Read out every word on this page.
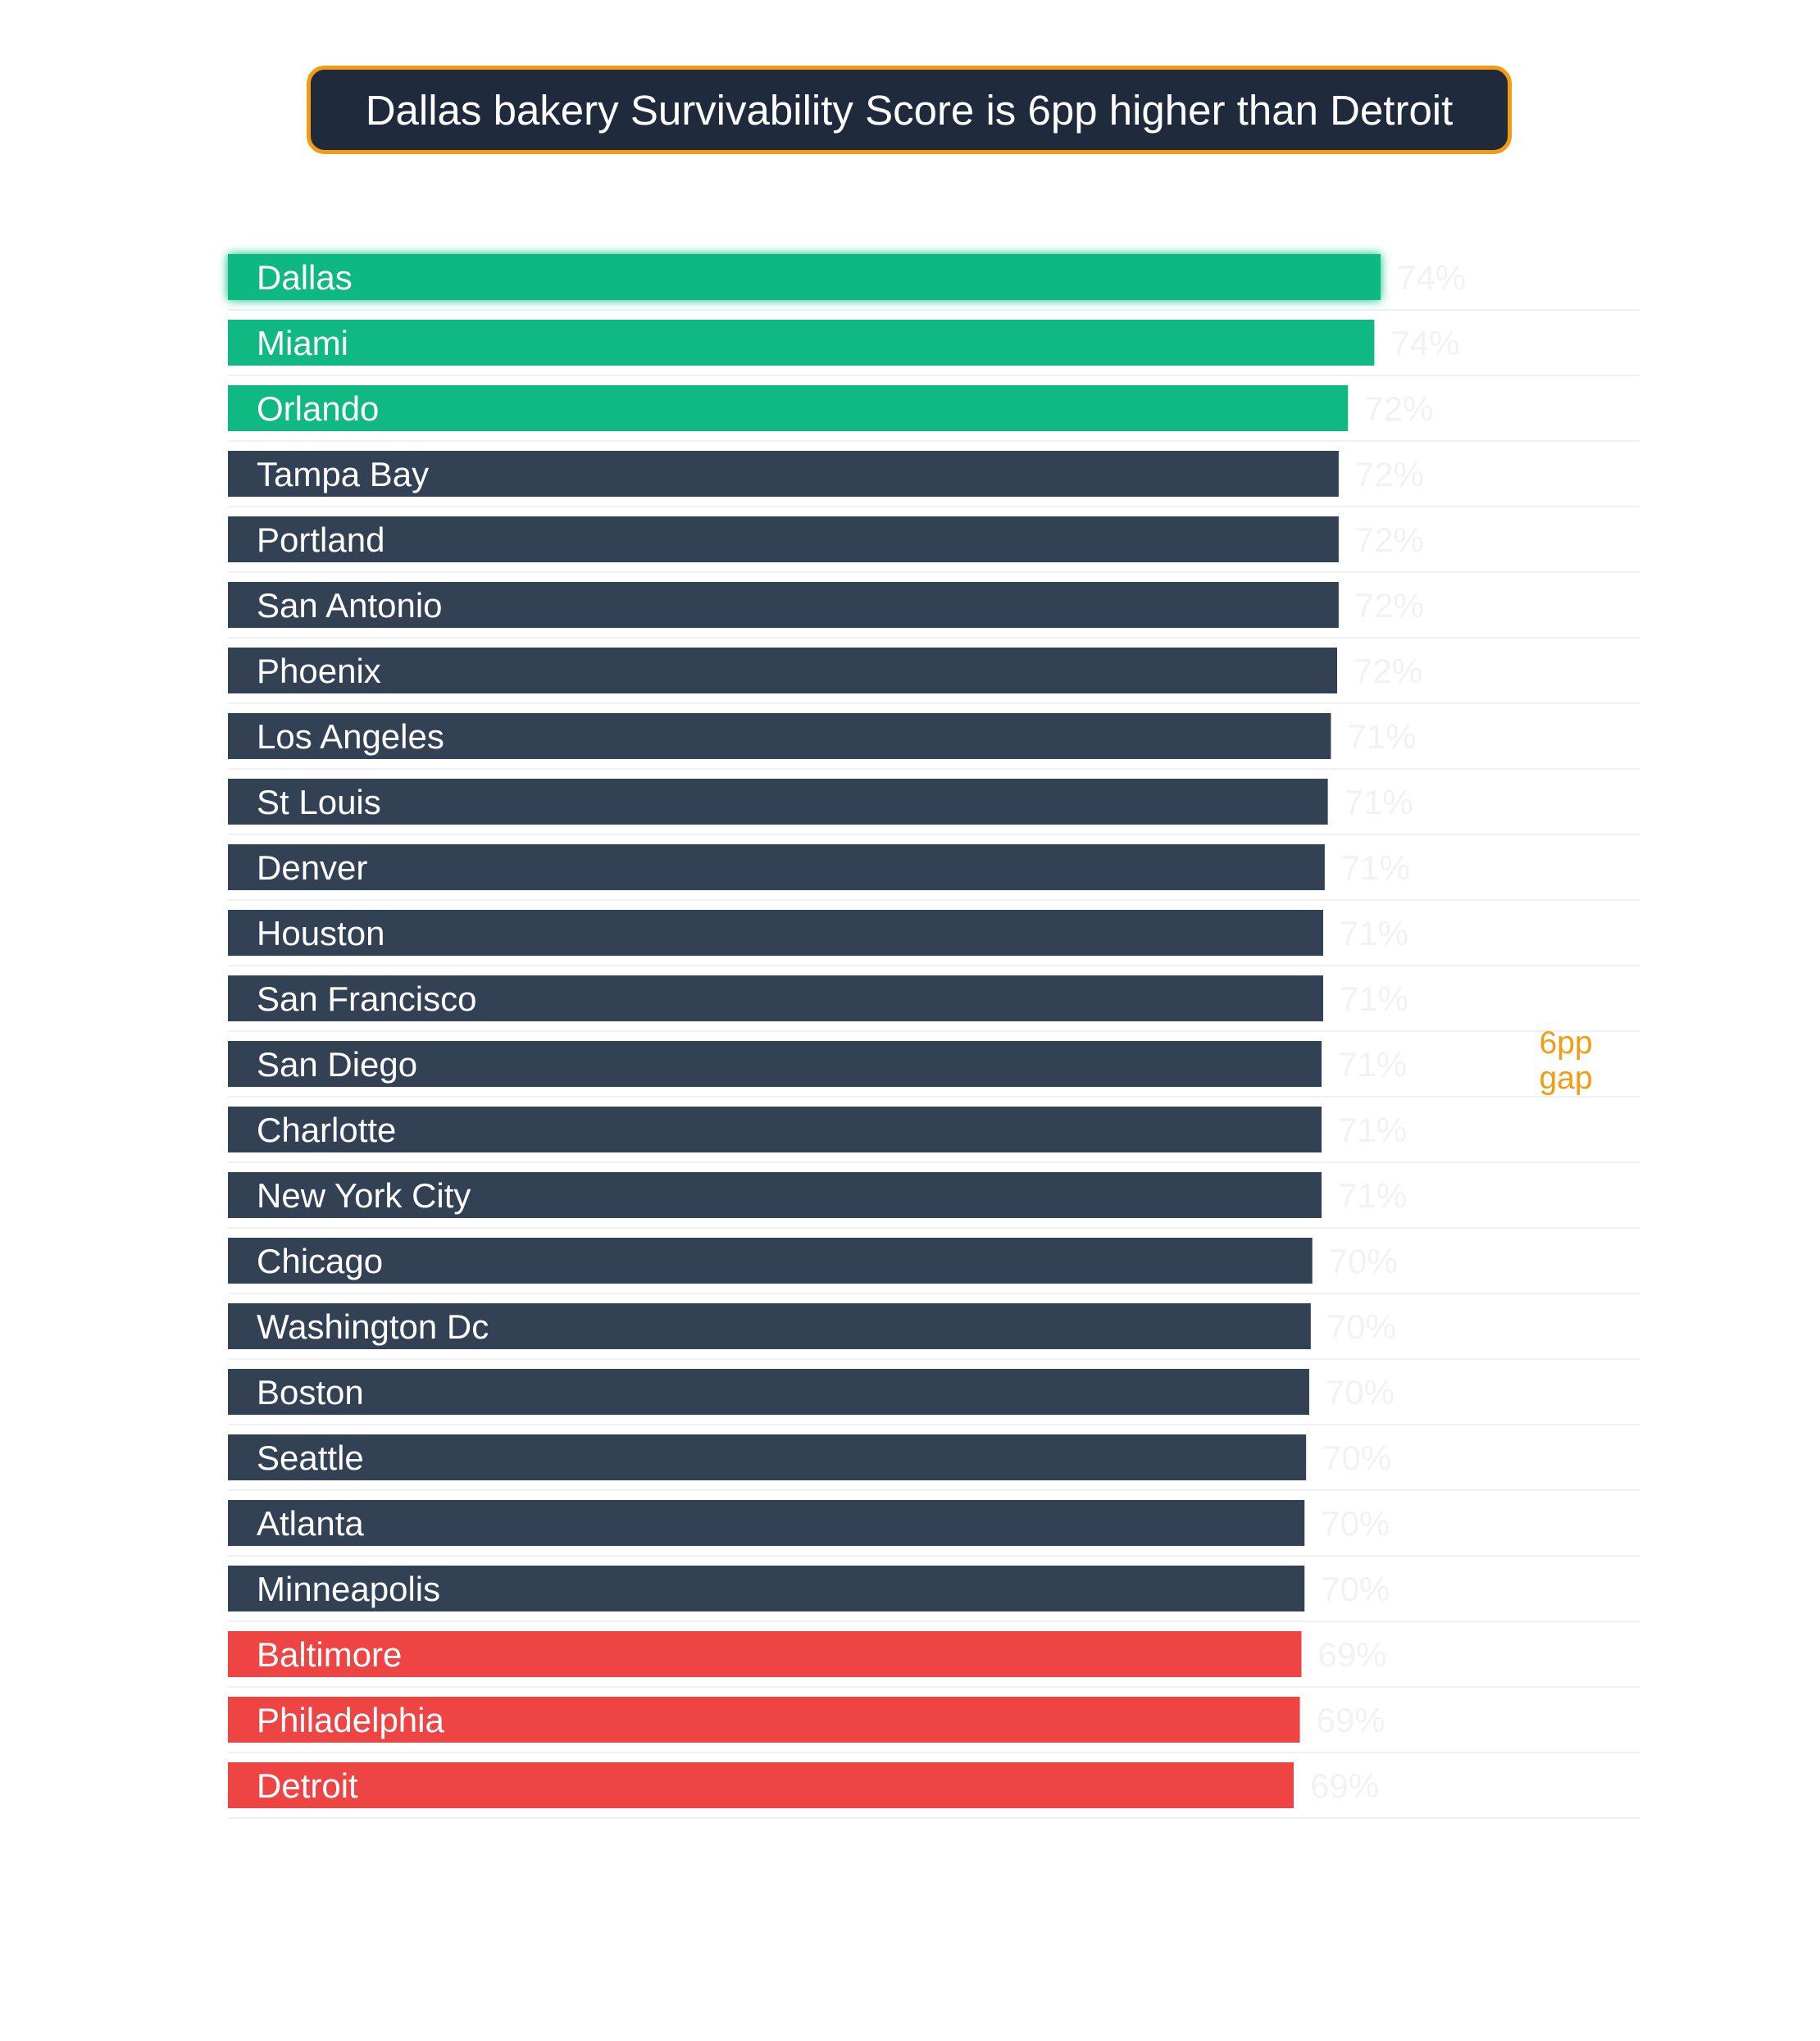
Dallas bakery Survivability Score is 6pp higher than Detroit
Dallas	74%
Miami	74%
Orlando	72%
Tampa Bay	72%
Portland	72%
San Antonio	72%
Phoenix	72%
Los Angeles	71%
St Louis	71%
Denver	71%
Houston	71%
San Francisco	71%
San Diego	71%
Charlotte	71%
New York City	71%
Chicago	70%
Washington Dc	70%
Boston	70%
Seattle	70%
Atlanta	70%
Minneapolis	70%
Baltimore	69%
Philadelphia	69%
Detroit	69%
6pp
gap
